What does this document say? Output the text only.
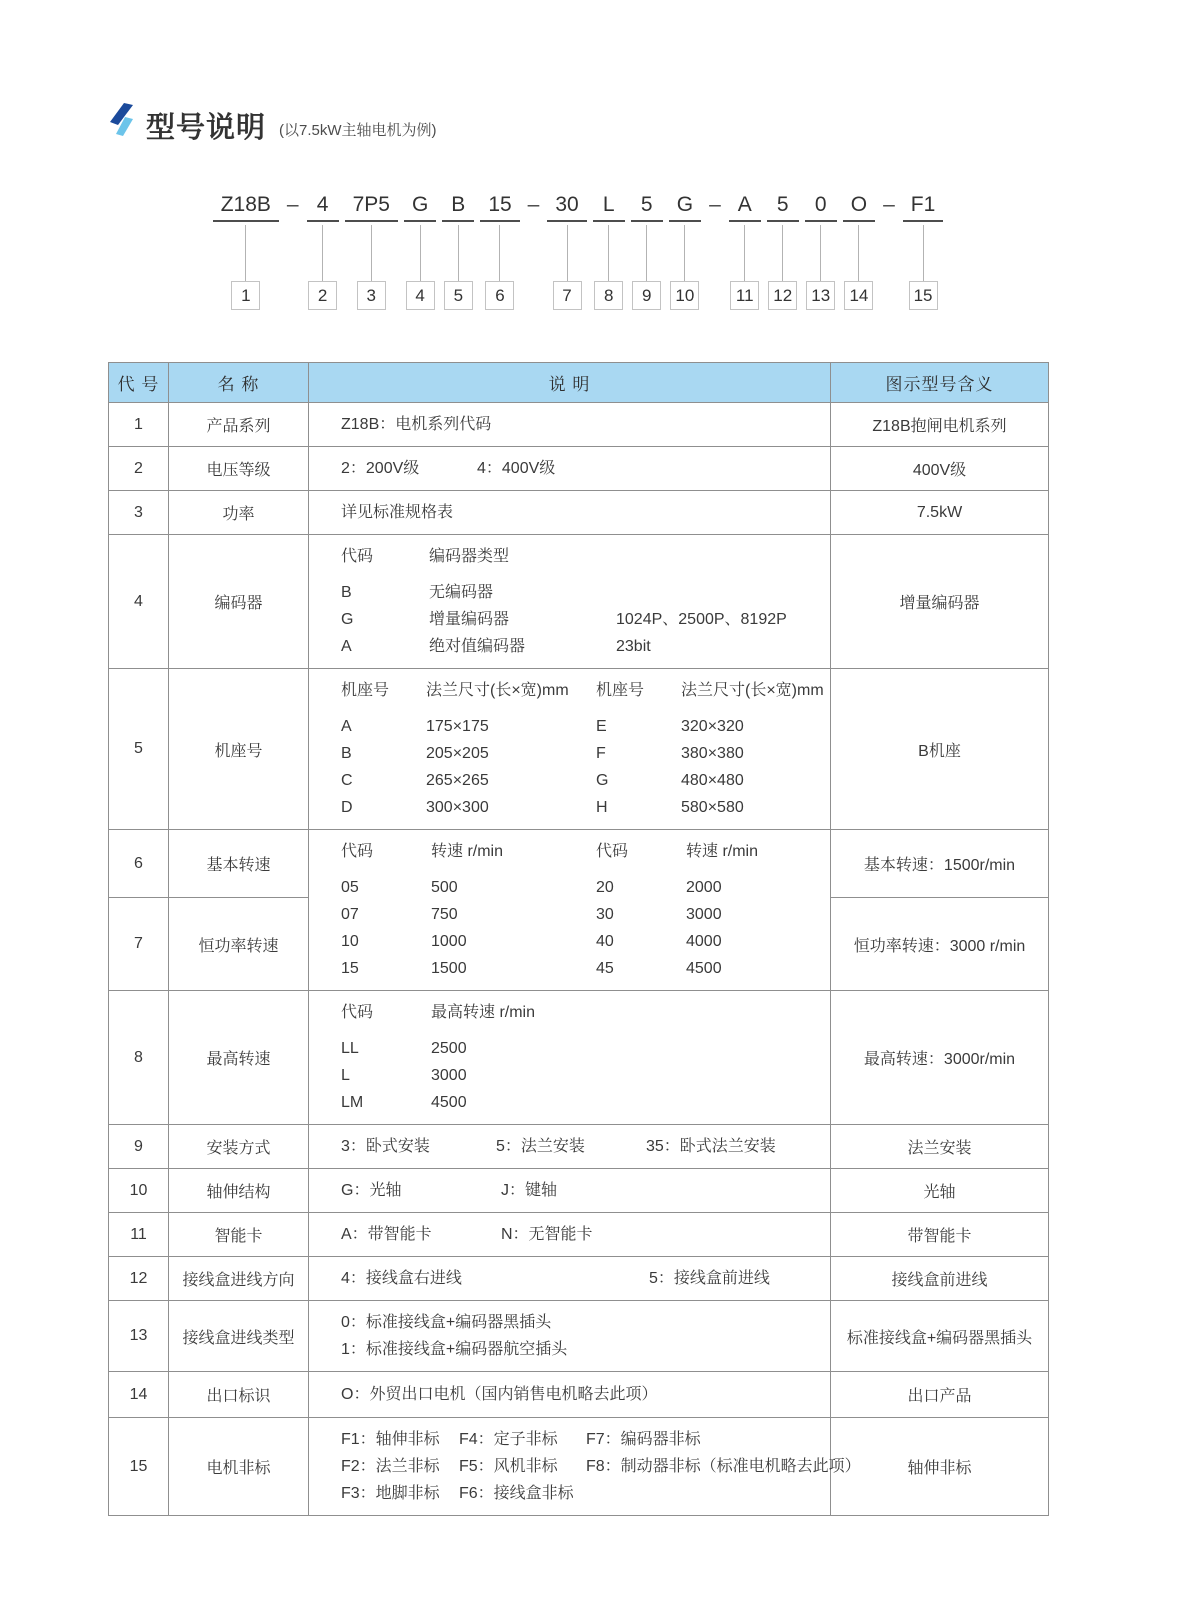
型号说明 (以7.5kW主轴电机为例)

Z18B
1
– 4
2
7P5
3
G
4
B
5
15
6
– 30
7
L
8
5
9
G
10
– A
11
5
12
0
13
O
14
– F1
15
代 号	名 称	说 明	图示型号含义
1	产品系列	Z18B：电机系列代码	Z18B抱闸电机系列
2	电压等级	2：200V级 4：400V级	400V级
3	功率	详见标准规格表	7.5kW
4	编码器	代码 编码器类型
B 无编码器
G 增量编码器 1024P、2500P、8192P
A 绝对值编码器 23bit	增量编码器
5	机座号	机座号 法兰尺寸(长×宽)mm 机座号 法兰尺寸(长×宽)mm
A 175×175 E 320×320
B 205×205 F 380×380
C 265×265 G 480×480
D 300×300 H 580×580	B机座
6	基本转速	代码 转速 r/min 代码 转速 r/min
05 500 20 2000
07 750 30 3000
10 1000 40 4000
15 1500 45 4500	基本转速：1500r/min
7	恒功率转速		恒功率转速：3000 r/min
8	最高转速	代码 最高转速 r/min
LL 2500
L 3000
LM 4500	最高转速：3000r/min
9	安装方式	3：卧式安装 5：法兰安装 35：卧式法兰安装	法兰安装
10	轴伸结构	G：光轴 J：键轴	光轴
11	智能卡	A：带智能卡 N：无智能卡	带智能卡
12	接线盒进线方向	4：接线盒右进线 5：接线盒前进线	接线盒前进线
13	接线盒进线类型	0：标准接线盒+编码器黑插头
1：标准接线盒+编码器航空插头	标准接线盒+编码器黑插头
14	出口标识	O：外贸出口电机（国内销售电机略去此项）	出口产品
15	电机非标	F1：轴伸非标 F4：定子非标 F7：编码器非标
F2：法兰非标 F5：风机非标 F8：制动器非标（标准电机略去此项）
F3：地脚非标 F6：接线盒非标	轴伸非标
